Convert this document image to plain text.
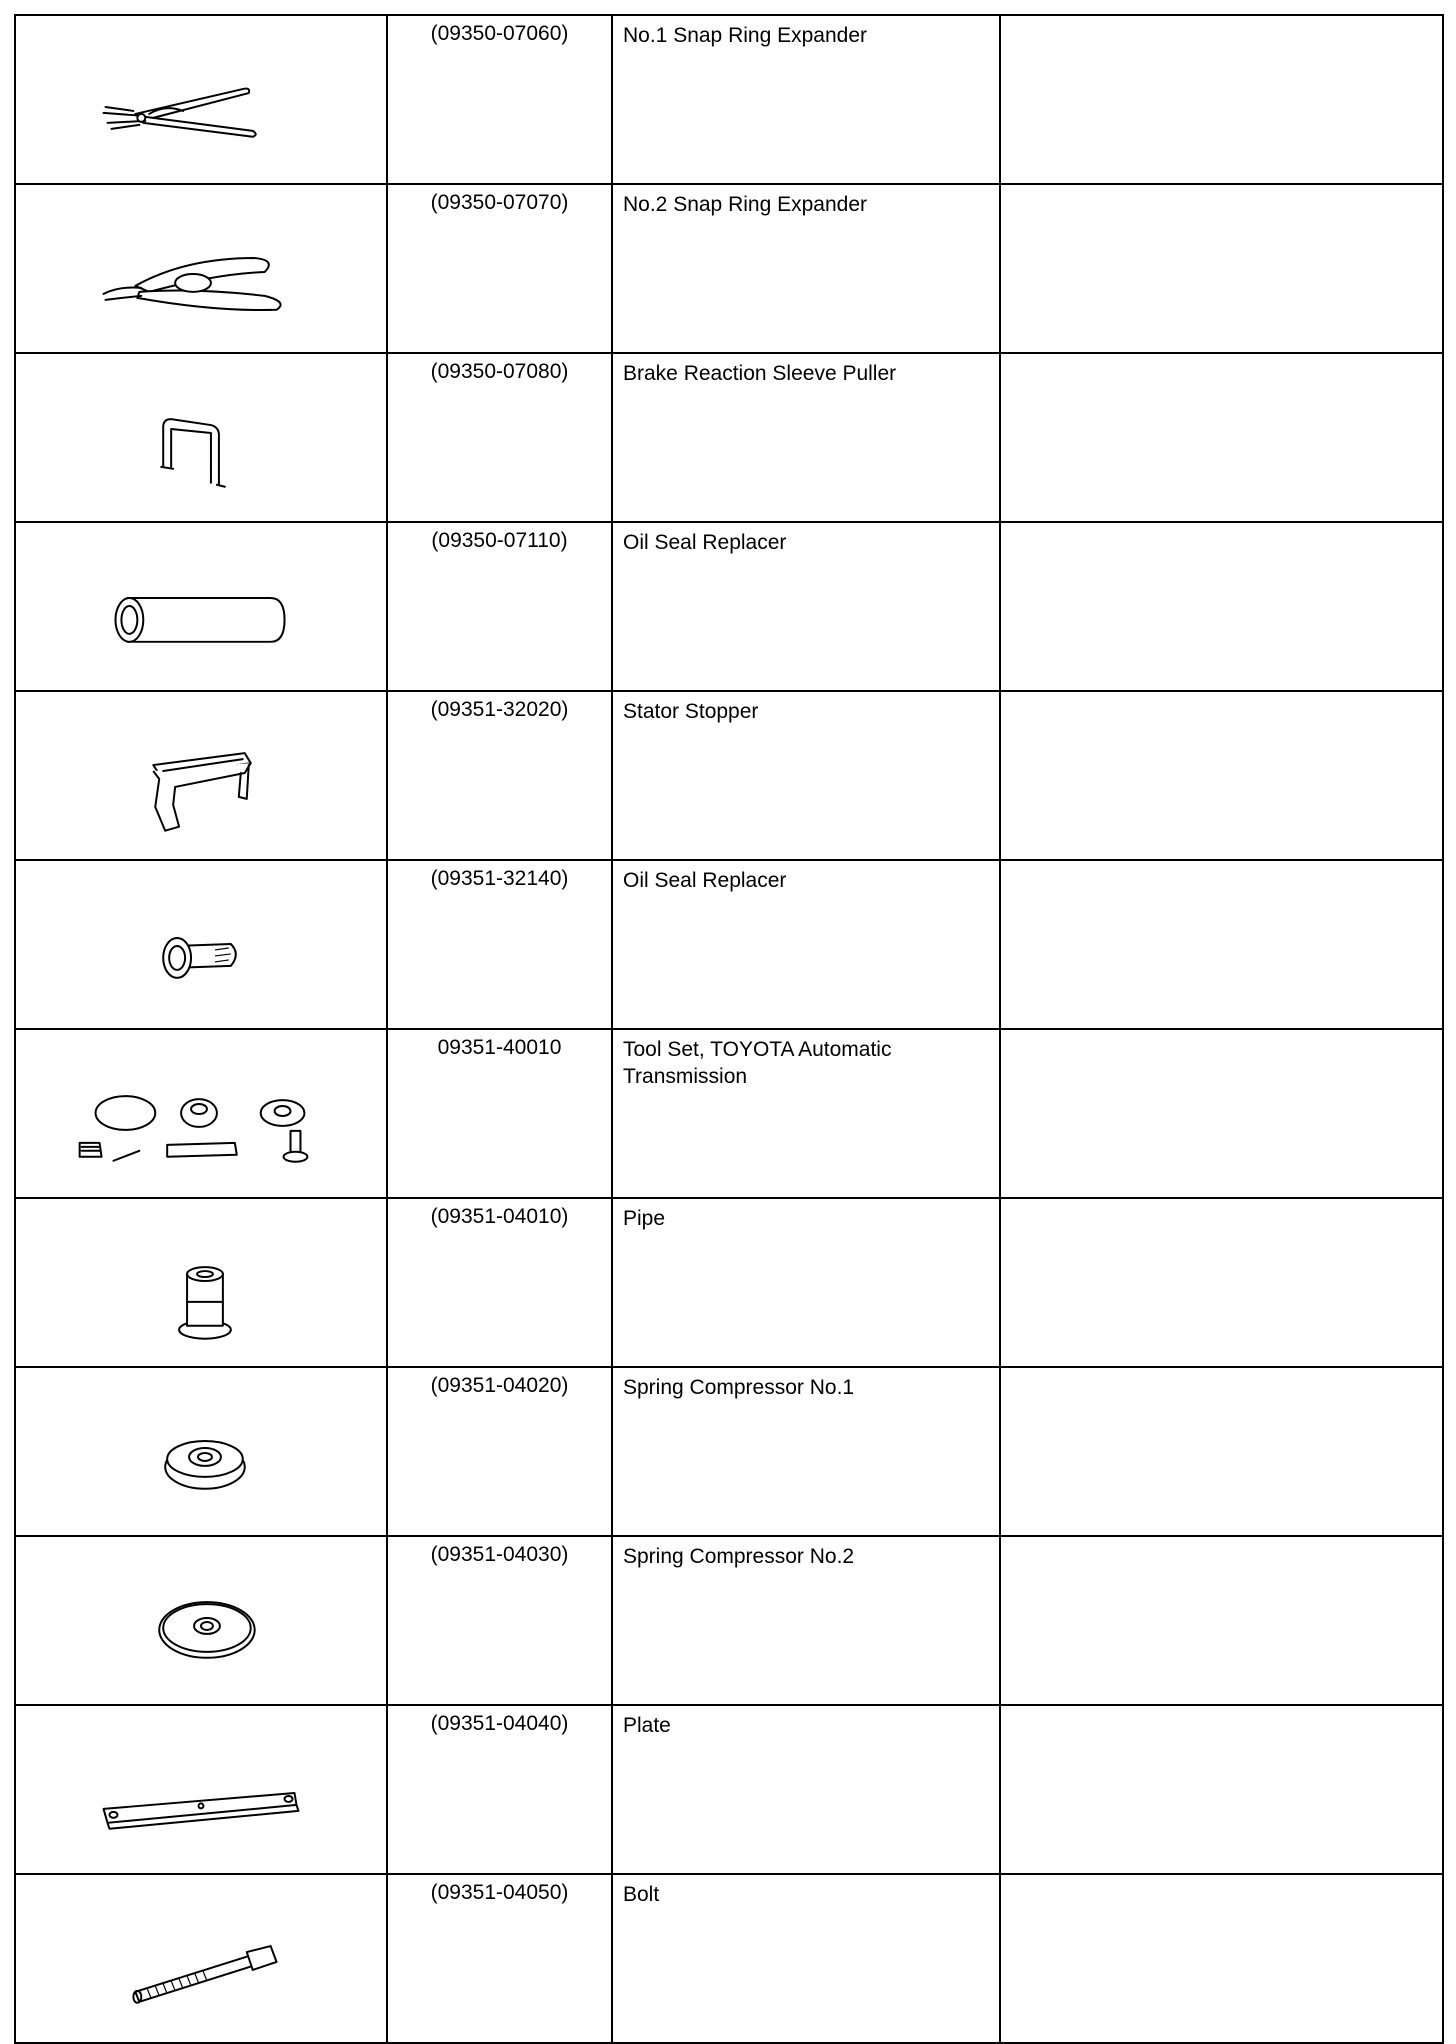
	(09350-07060)	No.1 Snap Ring Expander	

	(09350-07070)	No.2 Snap Ring Expander	

	(09350-07080)	Brake Reaction Sleeve Puller	

	(09350-07110)	Oil Seal Replacer	

	(09351-32020)	Stator Stopper	

	(09351-32140)	Oil Seal Replacer	

	09351-40010	Tool Set, TOYOTA Automatic Transmission	

	(09351-04010)	Pipe	

	(09351-04020)	Spring Compressor No.1	

	(09351-04030)	Spring Compressor No.2	

	(09351-04040)	Plate	

	(09351-04050)	Bolt	
